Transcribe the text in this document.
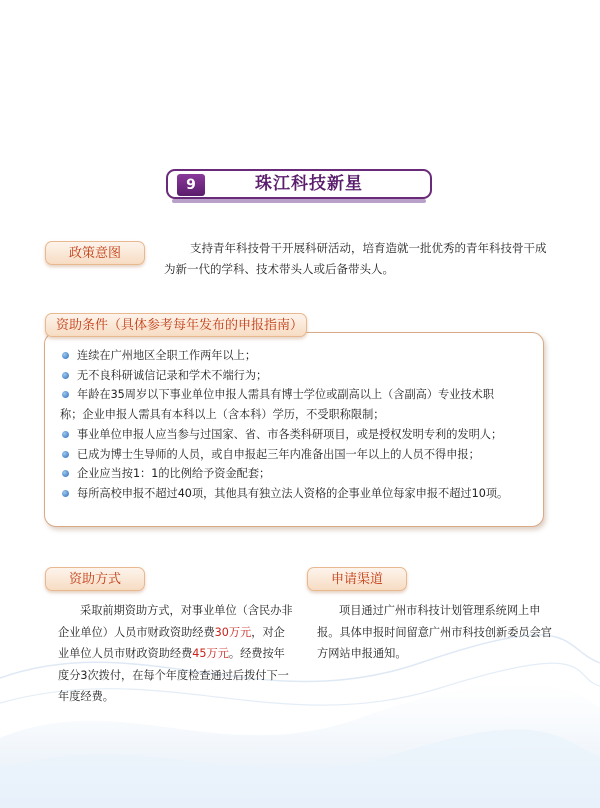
9	珠江科技新星
政策意图	支持青年科技骨干开展科研活动，培育造就一批优秀的青年科技骨干成为新一代的学科、技术带头人或后备带头人。
资助条件（具体参考每年发布的申报指南）
连续在广州地区全职工作两年以上；
无不良科研诚信记录和学术不端行为；
年龄在35周岁以下事业单位申报人需具有博士学位或副高以上（含副高）专业技术职
称；企业申报人需具有本科以上（含本科）学历，不受职称限制；
事业单位申报人应当参与过国家、省、市各类科研项目，或是授权发明专利的发明人；
已成为博士生导师的人员，或自申报起三年内准备出国一年以上的人员不得申报；
企业应当按1：1的比例给予资金配套；
每所高校申报不超过40项，其他具有独立法人资格的企事业单位每家申报不超过10项。
资助方式
采取前期资助方式，对事业单位（含民办非企业单位）人员市财政资助经费30万元，对企业单位人员市财政资助经费45万元。经费按年度分3次拨付，在每个年度检查通过后拨付下一年度经费。
申请渠道
项目通过广州市科技计划管理系统网上申报。具体申报时间留意广州市科技创新委员会官方网站申报通知。
